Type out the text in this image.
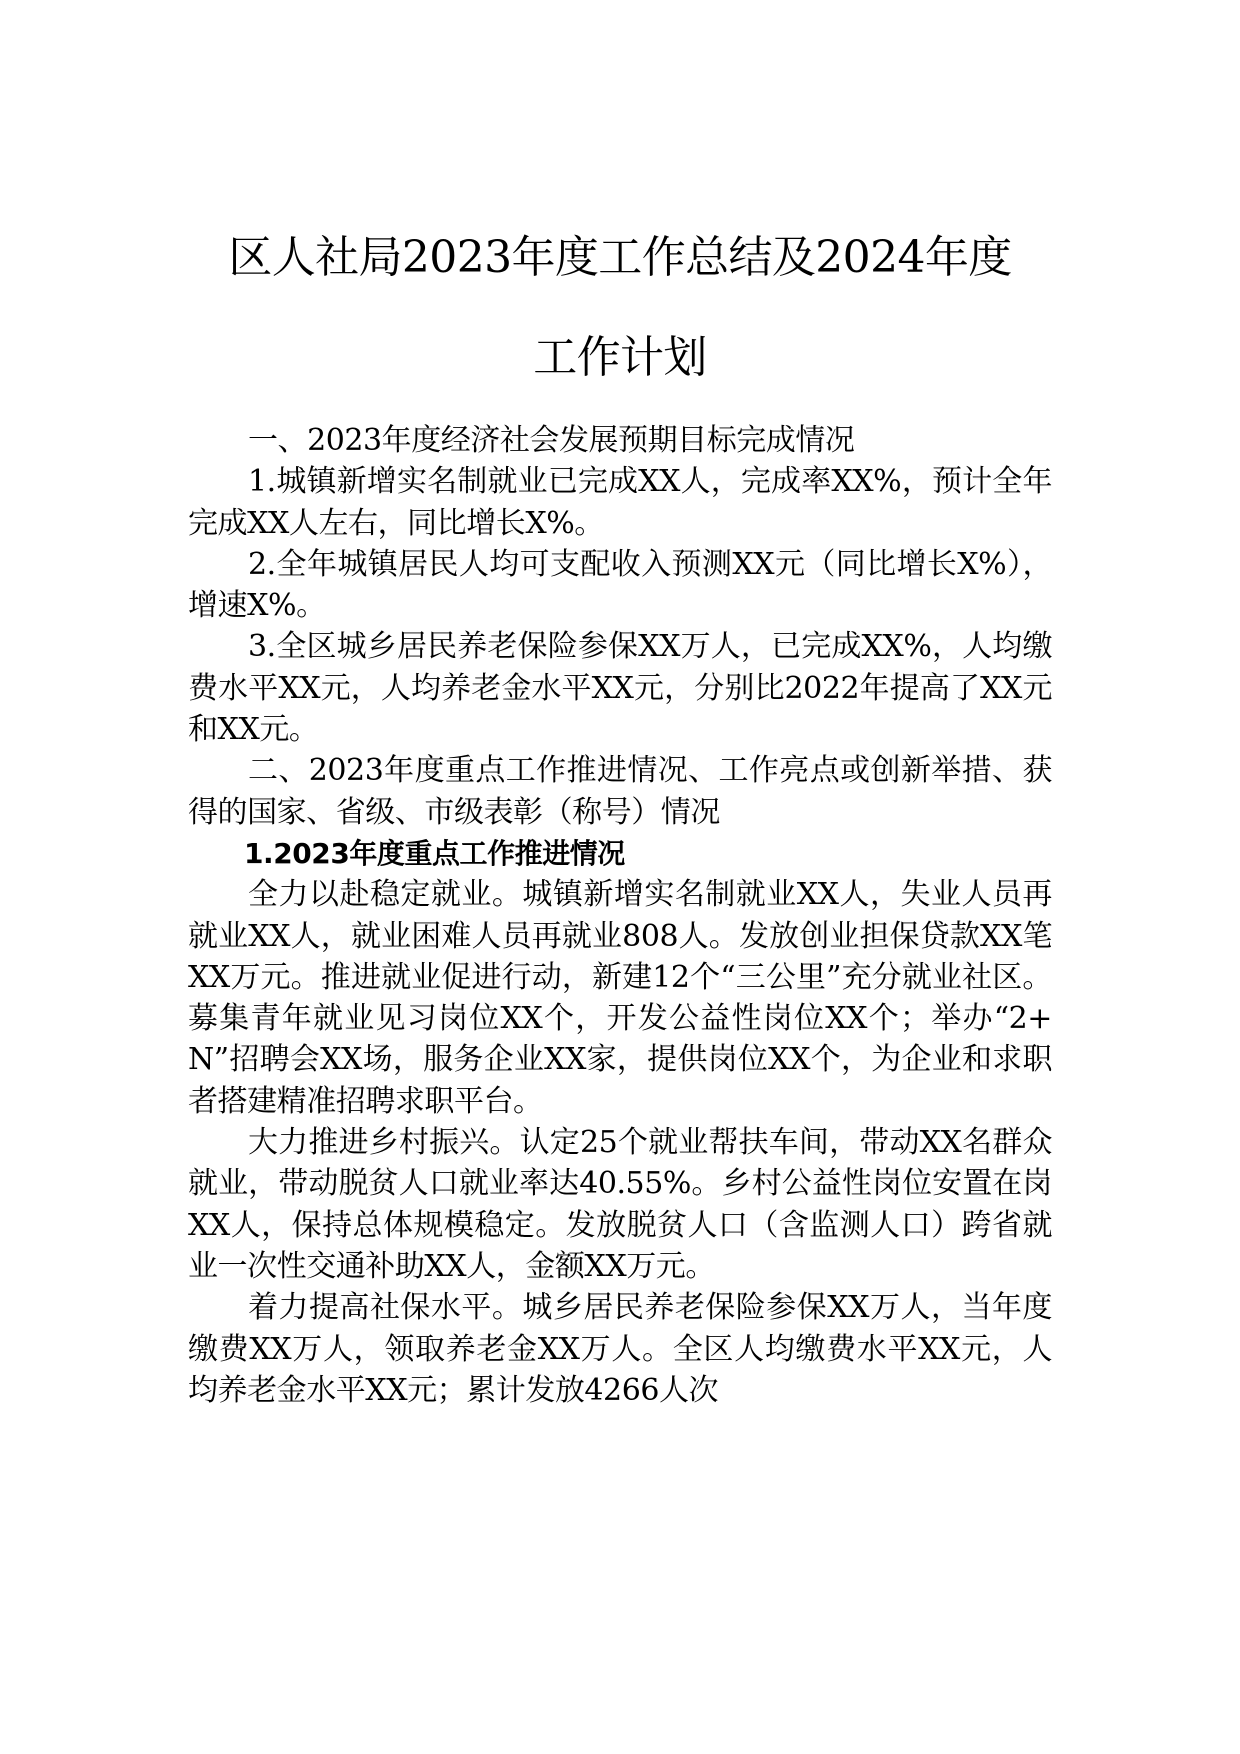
区人社局2023年度工作总结及2024年度
工作计划

一、2023年度经济社会发展预期目标完成情况

1.城镇新增实名制就业已完成XX人，完成率XX%，预计全年完成XX人左右，同比增长X%。

2.全年城镇居民人均可支配收入预测XX元（同比增长X%），增速X%。

3.全区城乡居民养老保险参保XX万人，已完成XX%，人均缴费水平XX元，人均养老金水平XX元，分别比2022年提高了XX元和XX元。

二、2023年度重点工作推进情况、工作亮点或创新举措、获得的国家、省级、市级表彰（称号）情况

1.2023年度重点工作推进情况

全力以赴稳定就业。城镇新增实名制就业XX人，失业人员再就业XX人，就业困难人员再就业808人。发放创业担保贷款XX笔XX万元。推进就业促进行动，新建12个“三公里”充分就业社区。募集青年就业见习岗位XX个，开发公益性岗位XX个；举办“2+N”招聘会XX场，服务企业XX家，提供岗位XX个，为企业和求职者搭建精准招聘求职平台。

大力推进乡村振兴。认定25个就业帮扶车间，带动XX名群众就业，带动脱贫人口就业率达40.55%。乡村公益性岗位安置在岗XX人，保持总体规模稳定。发放脱贫人口（含监测人口）跨省就业一次性交通补助XX人，金额XX万元。

着力提高社保水平。城乡居民养老保险参保XX万人，当年度缴费XX万人，领取养老金XX万人。全区人均缴费水平XX元，人均养老金水平XX元；累计发放4266人次
